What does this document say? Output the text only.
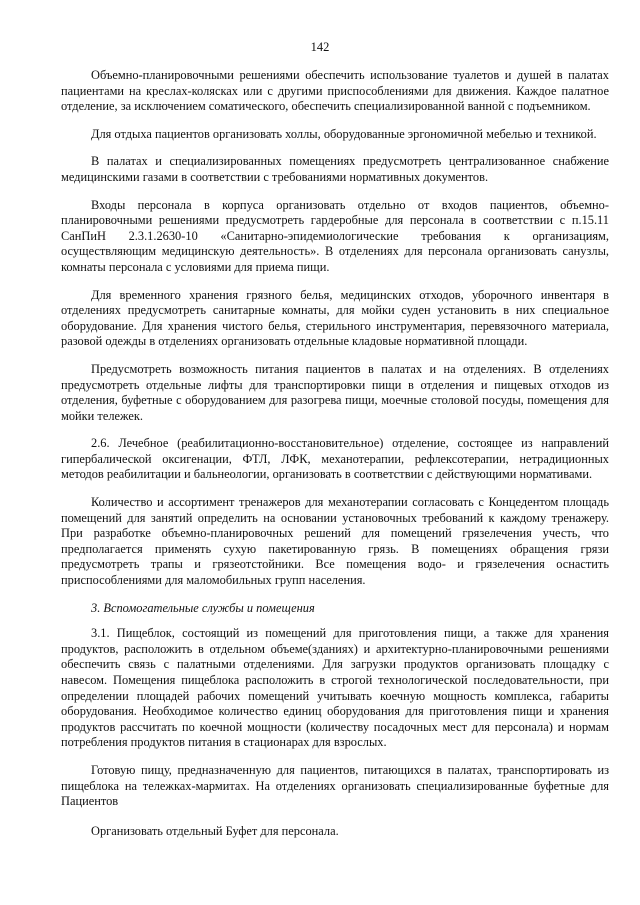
142

Объемно-планировочными решениями обеспечить использование туалетов и душей в палатах пациентами на креслах-колясках или с другими приспособлениями для движения. Каждое палатное отделение, за исключением соматического, обеспечить специализированной ванной с подъемником.

Для отдыха пациентов организовать холлы, оборудованные эргономичной мебелью и техникой.

В палатах и специализированных помещениях предусмотреть централизованное снабжение медицинскими газами в соответствии с требованиями нормативных документов.

Входы персонала в корпуса организовать отдельно от входов пациентов, объемно-планировочными решениями предусмотреть гардеробные для персонала в соответствии с п.15.11 СанПиН 2.3.1.2630-10 «Санитарно-эпидемиологические требования к организациям, осуществляющим медицинскую деятельность». В отделениях для персонала организовать санузлы, комнаты персонала с условиями для приема пищи.

Для временного хранения грязного белья, медицинских отходов, уборочного инвентаря в отделениях предусмотреть санитарные комнаты, для мойки суден установить в них специальное оборудование. Для хранения чистого белья, стерильного инструментария, перевязочного материала, разовой одежды в отделениях организовать отдельные кладовые нормативной площади.

Предусмотреть возможность питания пациентов в палатах и на отделениях. В отделениях предусмотреть отдельные лифты для транспортировки пищи в отделения и пищевых отходов из отделения, буфетные с оборудованием для разогрева пищи, моечные столовой посуды, помещения для мойки тележек.

2.6. Лечебное (реабилитационно-восстановительное) отделение, состоящее из направлений гипербалической оксигенации, ФТЛ, ЛФК, механотерапии, рефлексотерапии, нетрадиционных методов реабилитации и бальнеологии, организовать в соответствии с действующими нормативами.

Количество и ассортимент тренажеров для механотерапии согласовать с Концедентом площадь помещений для занятий определить на основании установочных требований к каждому тренажеру. При разработке объемно-планировочных решений для помещений грязелечения учесть, что предполагается применять сухую пакетированную грязь. В помещениях обращения грязи предусмотреть трапы и грязеотстойники. Все помещения водо- и грязелечения оснастить приспособлениями для маломобильных групп населения.

3. Вспомогательные службы и помещения

3.1. Пищеблок, состоящий из помещений для приготовления пищи, а также для хранения продуктов, расположить в отдельном объеме(зданиях) и архитектурно-планировочными решениями обеспечить связь с палатными отделениями. Для загрузки продуктов организовать площадку с навесом. Помещения пищеблока расположить в строгой технологической последовательности, при определении площадей рабочих помещений учитывать коечную мощность комплекса, габариты оборудования. Необходимое количество единиц оборудования для приготовления пищи и хранения продуктов рассчитать по коечной мощности (количеству посадочных мест для персонала) и нормам потребления продуктов питания в стационарах для взрослых.

Готовую пищу, предназначенную для пациентов, питающихся в палатах, транспортировать из пищеблока на тележках-мармитах. На отделениях организовать специализированные буфетные для Пациентов

Организовать отдельный Буфет для персонала.
